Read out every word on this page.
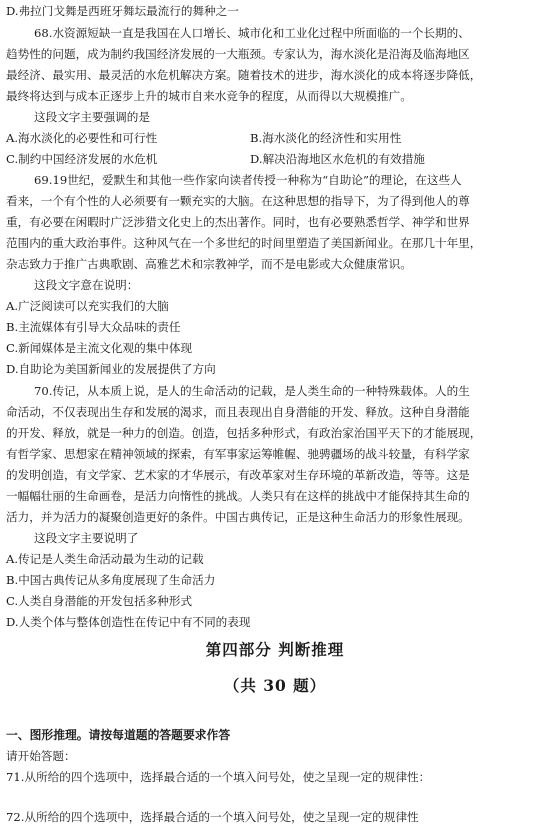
D.弗拉门戈舞是西班牙舞坛最流行的舞种之一
68.水资源短缺一直是我国在人口增长、城市化和工业化过程中所面临的一个长期的、
趋势性的问题，成为制约我国经济发展的一大瓶颈。专家认为，海水淡化是沿海及临海地区
最经济、最实用、最灵活的水危机解决方案。随着技术的进步，海水淡化的成本将逐步降低，
最终将达到与成本正逐步上升的城市自来水竞争的程度，从而得以大规模推广。
这段文字主要强调的是
A.海水淡化的必要性和可行性	B.海水淡化的经济性和实用性
C.制约中国经济发展的水危机	D.解决沿海地区水危机的有效措施
69.19世纪，爱默生和其他一些作家向读者传授一种称为“自助论”的理论，在这些人
看来，一个有个性的人必须要有一颗充实的大脑。在这种思想的指导下，为了得到他人的尊
重，有必要在闲暇时广泛涉猎文化史上的杰出著作。同时，也有必要熟悉哲学、神学和世界
范围内的重大政治事件。这种风气在一个多世纪的时间里塑造了美国新闻业。在那几十年里，
杂志致力于推广古典歌剧、高雅艺术和宗教神学，而不是电影或大众健康常识。
这段文字意在说明：
A.广泛阅读可以充实我们的大脑
B.主流媒体有引导大众品味的责任
C.新闻媒体是主流文化观的集中体现
D.自助论为美国新闻业的发展提供了方向
70.传记，从本质上说，是人的生命活动的记载，是人类生命的一种特殊载体。人的生
命活动，不仅表现出生存和发展的渴求，而且表现出自身潜能的开发、释放。这种自身潜能
的开发、释放，就是一种力的创造。创造，包括多种形式，有政治家治国平天下的才能展现，
有哲学家、思想家在精神领域的探索，有军事家运筹帷幄、驰骋疆场的战斗较量，有科学家
的发明创造，有文学家、艺术家的才华展示，有改革家对生存环境的革新改造，等等。这是
一幅幅壮丽的生命画卷，是活力向惰性的挑战。人类只有在这样的挑战中才能保持其生命的
活力，并为活力的凝聚创造更好的条件。中国古典传记，正是这种生命活力的形象性展现。
这段文字主要说明了
A.传记是人类生命活动最为生动的记载
B.中国古典传记从多角度展现了生命活力
C.人类自身潜能的开发包括多种形式
D.人类个体与整体创造性在传记中有不同的表现
第四部分 判断推理
（共 30 题）
一、图形推理。请按每道题的答题要求作答
请开始答题：
71.从所给的四个选项中，选择最合适的一个填入问号处，使之呈现一定的规律性：
72.从所给的四个选项中，选择最合适的一个填入问号处，使之呈现一定的规律性
